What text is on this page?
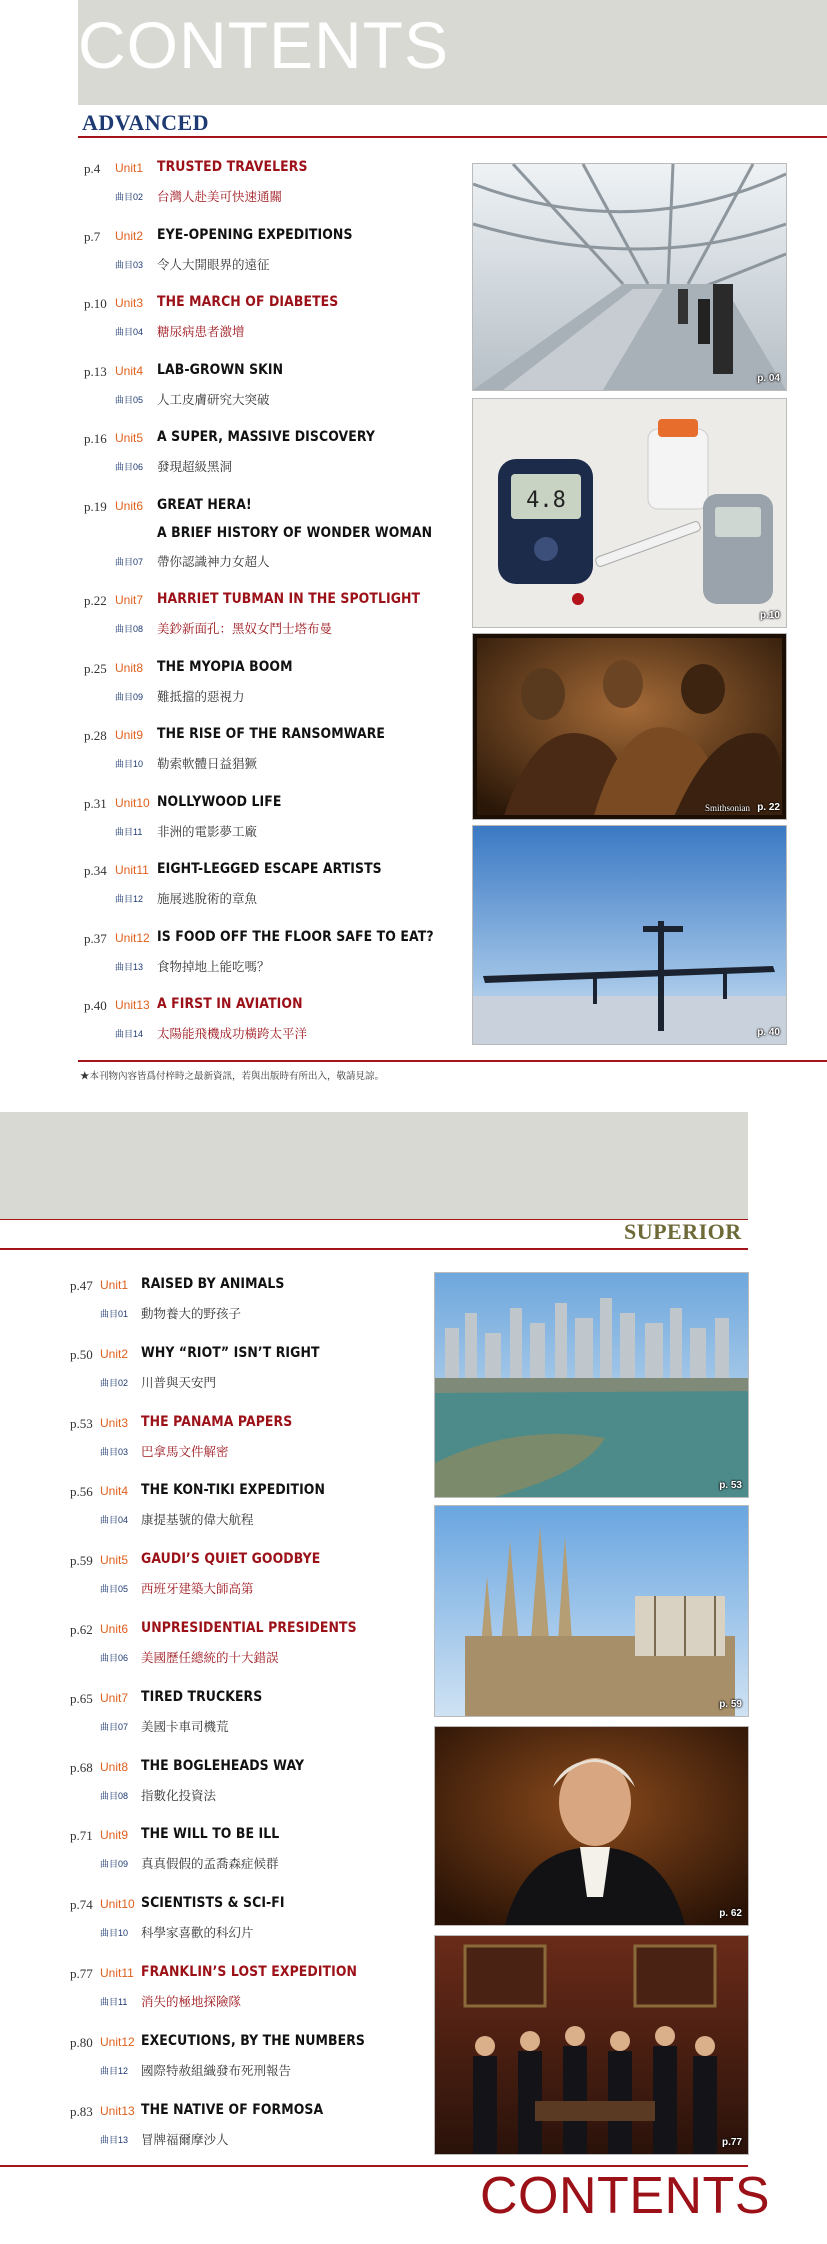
CONTENTS
ADVANCED
p.4 Unit1 TRUSTED TRAVELERS
曲目02 台灣人赴美可快速通關
p.7 Unit2 EYE-OPENING EXPEDITIONS
曲目03 令人大開眼界的遠征
p.10 Unit3 THE MARCH OF DIABETES
曲目04 糖尿病患者激增
p.13 Unit4 LAB-GROWN SKIN
曲目05 人工皮膚研究大突破
p.16 Unit5 A SUPER, MASSIVE DISCOVERY
曲目06 發現超級黑洞
p.19 Unit6 GREAT HERA!
A BRIEF HISTORY OF WONDER WOMAN
曲目07 帶你認識神力女超人
p.22 Unit7 HARRIET TUBMAN IN THE SPOTLIGHT
曲目08 美鈔新面孔：黑奴女鬥士塔布曼
p.25 Unit8 THE MYOPIA BOOM
曲目09 難抵擋的惡視力
p.28 Unit9 THE RISE OF THE RANSOMWARE
曲目10 勒索軟體日益猖獗
p.31 Unit10 NOLLYWOOD LIFE
曲目11 非洲的電影夢工廠
p.34 Unit11 EIGHT-LEGGED ESCAPE ARTISTS
曲目12 施展逃脫術的章魚
p.37 Unit12 IS FOOD OFF THE FLOOR SAFE TO EAT?
曲目13 食物掉地上能吃嗎？
p.40 Unit13 A FIRST IN AVIATION
曲目14 太陽能飛機成功橫跨太平洋
p. 04
4.8
p.10
Smithsonian p. 22
p. 40
★本刊物內容皆爲付梓時之最新資訊，若與出版時有所出入，敬請見諒。
SUPERIOR
p.47 Unit1 RAISED BY ANIMALS
曲目01 動物養大的野孩子
p.50 Unit2 WHY “RIOT” ISN’T RIGHT
曲目02 川普與天安門
p.53 Unit3 THE PANAMA PAPERS
曲目03 巴拿馬文件解密
p.56 Unit4 THE KON-TIKI EXPEDITION
曲目04 康提基號的偉大航程
p.59 Unit5 GAUDI’S QUIET GOODBYE
曲目05 西班牙建築大師高第
p.62 Unit6 UNPRESIDENTIAL PRESIDENTS
曲目06 美國歷任總統的十大錯誤
p.65 Unit7 TIRED TRUCKERS
曲目07 美國卡車司機荒
p.68 Unit8 THE BOGLEHEADS WAY
曲目08 指數化投資法
p.71 Unit9 THE WILL TO BE ILL
曲目09 真真假假的孟喬森症候群
p.74 Unit10 SCIENTISTS & SCI-FI
曲目10 科學家喜歡的科幻片
p.77 Unit11 FRANKLIN’S LOST EXPEDITION
曲目11 消失的極地探險隊
p.80 Unit12 EXECUTIONS, BY THE NUMBERS
曲目12 國際特赦組織發布死刑報告
p.83 Unit13 THE NATIVE OF FORMOSA
曲目13 冒牌福爾摩沙人
p. 53
p. 59
p. 62
p.77
CONTENTS
